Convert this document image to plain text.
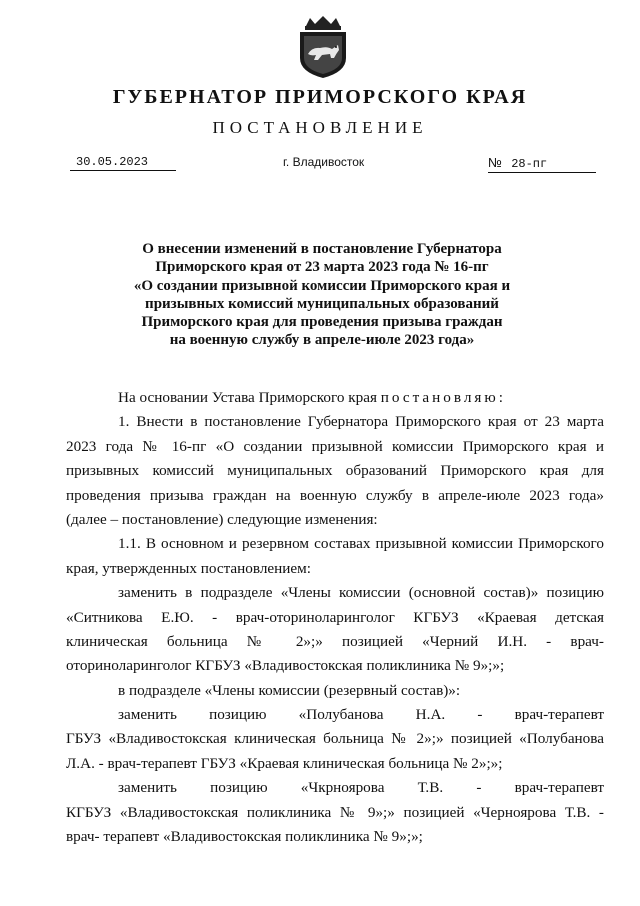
ГУБЕРНАТОР ПРИМОРСКОГО КРАЯ
ПОСТАНОВЛЕНИЕ
30.05.2023	г. Владивосток	№ 28-пг
О внесении изменений в постановление Губернатора
Приморского края от 23 марта 2023 года № 16-пг
«О создании призывной комиссии Приморского края и
призывных комиссий муниципальных образований
Приморского края для проведения призыва граждан
на военную службу в апреле-июле 2023 года»
На основании Устава Приморского края постановляю:
1. Внести в постановление Губернатора Приморского края от 23 марта
2023 года № 16-пг «О создании призывной комиссии Приморского края и
призывных комиссий муниципальных образований Приморского края для
проведения призыва граждан на военную службу в апреле-июле 2023 года»
(далее – постановление) следующие изменения:
1.1. В основном и резервном составах призывной комиссии Приморского
края, утвержденных постановлением:
заменить в подразделе «Члены комиссии (основной состав)» позицию
«Ситникова Е.Ю. - врач-оториноларинголог КГБУЗ «Краевая детская
клиническая больница № 2»;» позицией «Черний И.Н. - врач-
оториноларинголог КГБУЗ «Владивостокская поликлиника № 9»;»;
в подразделе «Члены комиссии (резервный состав)»:
заменить позицию «Полубанова Н.А. - врач-терапевт
ГБУЗ «Владивостокская клиническая больница № 2»;» позицией «Полубанова
Л.А. - врач-терапевт ГБУЗ «Краевая клиническая больница № 2»;»;
заменить позицию «Чкрноярова Т.В. - врач-терапевт
КГБУЗ «Владивостокская поликлиника № 9»;» позицией «Черноярова Т.В. -
врач- терапевт «Владивостокская поликлиника № 9»;»;
